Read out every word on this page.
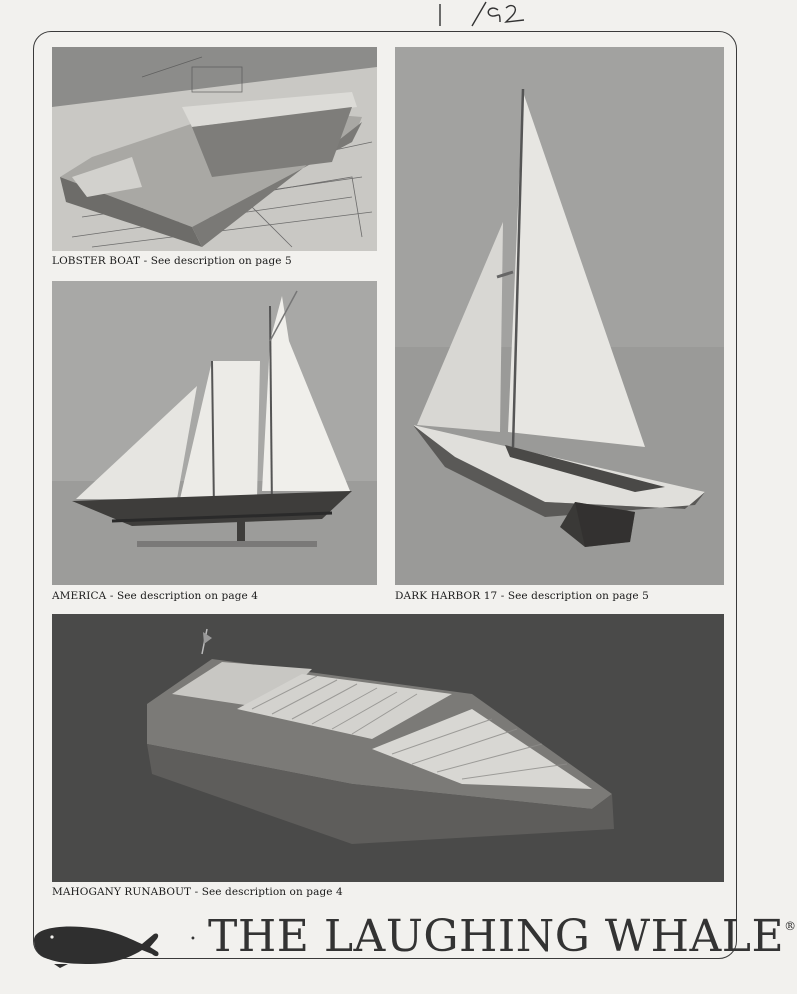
1/92
LOBSTER BOAT - See description on page 5
AMERICA - See description on page 4	DARK HARBOR 17 - See description on page 5
MAHOGANY RUNABOUT - See description on page 4
• THE LAUGHING WHALE®
